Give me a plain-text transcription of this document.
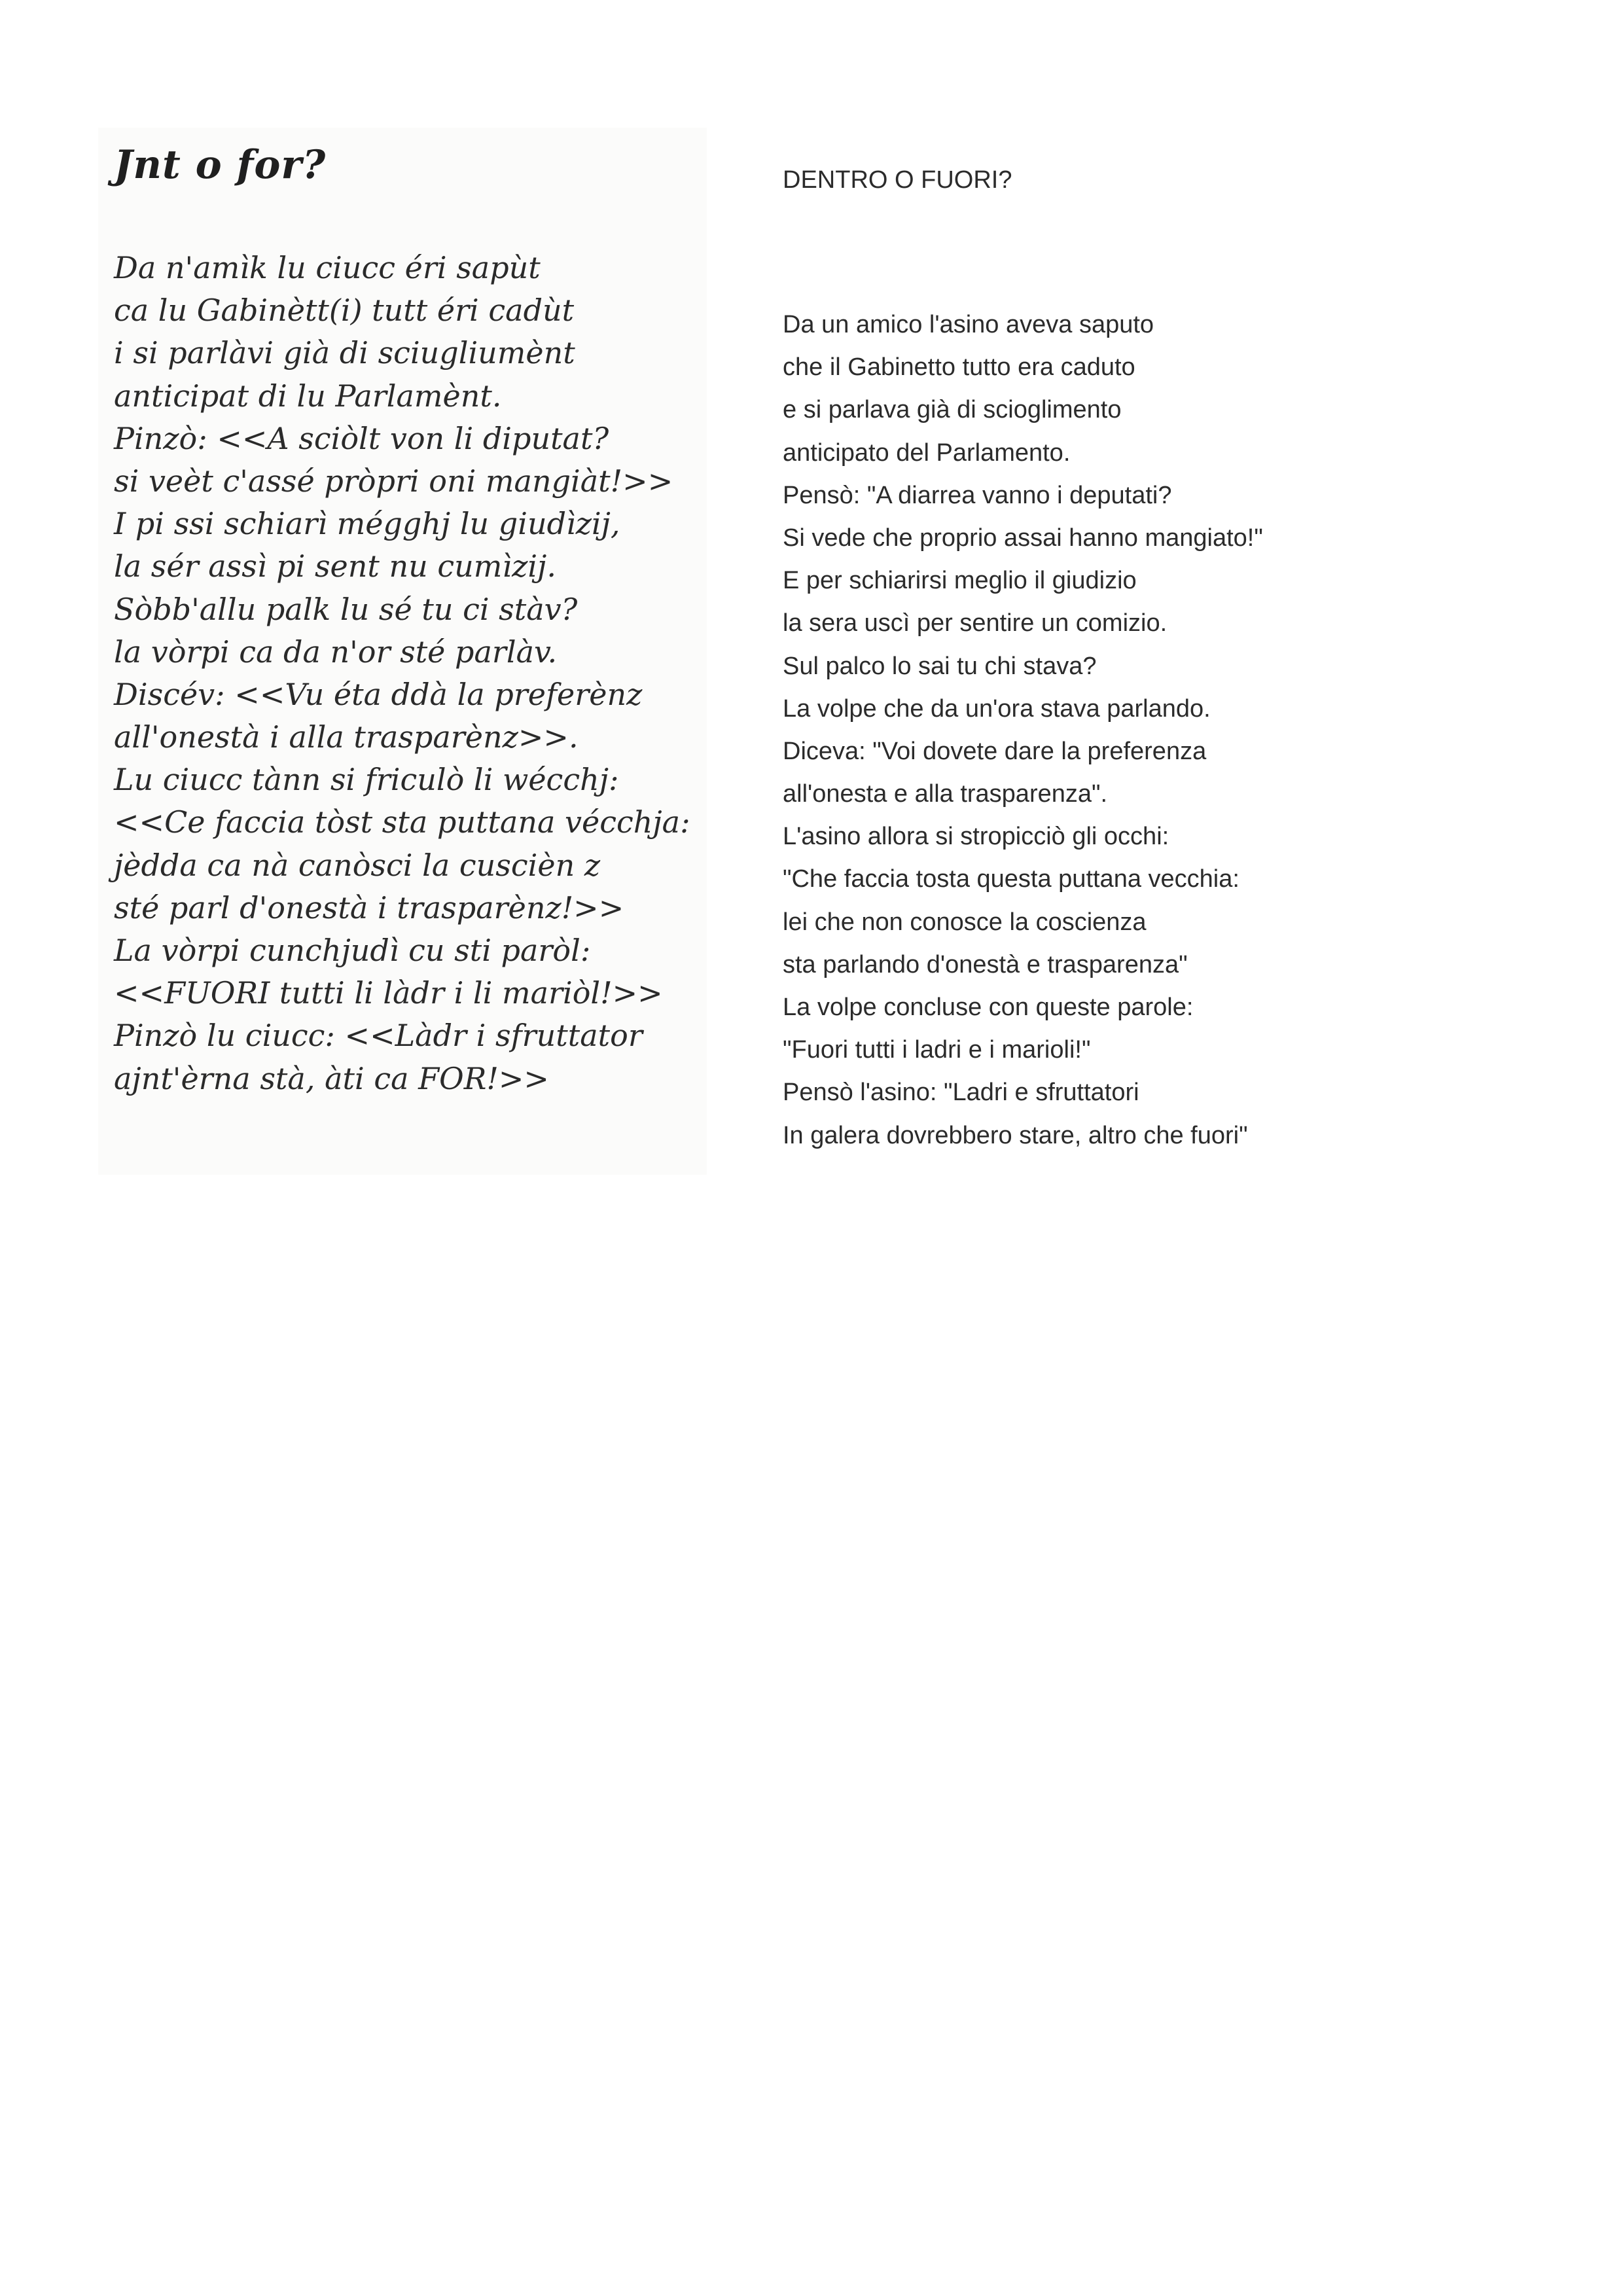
Jnt o for?
Da n'amìk lu ciucc éri sapùt
ca lu Gabinètt(i) tutt éri cadùt
i si parlàvi già di sciugliumènt
anticipat di lu Parlamènt.
Pinzò: <<A sciòlt von li diputat?
si veèt c'assé pròpri oni mangiàt!>>
I pi ssi schiarì mégghj lu giudìzij,
la sér assì pi sent nu cumìzij.
Sòbb'allu palk lu sé tu ci stàv?
la vòrpi ca da n'or sté parlàv.
Discév: <<Vu éta ddà la preferènz
all'onestà i alla trasparènz>>.
Lu ciucc tànn si friculò li wécchj:
<<Ce faccia tòst sta puttana vécchja:
jèdda ca nà canòsci la cuscièn z
sté parl d'onestà i trasparènz!>>
La vòrpi cunchjudì cu sti paròl:
<<FUORI tutti li làdr i li mariòl!>>
Pinzò lu ciucc: <<Làdr i sfruttator
ajnt'èrna stà, àti ca FOR!>>
DENTRO O FUORI?
Da un amico l'asino aveva saputo
che il Gabinetto tutto era caduto
e si parlava già di scioglimento
anticipato del Parlamento.
Pensò: "A diarrea vanno i deputati?
Si vede che proprio assai hanno mangiato!"
E per schiarirsi meglio il giudizio
la sera uscì per sentire un comizio.
Sul palco lo sai tu chi stava?
La volpe che da un'ora stava parlando.
Diceva: "Voi dovete dare la preferenza
all'onesta e alla trasparenza".
L'asino allora si stropicciò gli occhi:
"Che faccia tosta questa puttana vecchia:
lei che non conosce la coscienza
sta parlando d'onestà e trasparenza"
La volpe concluse con queste parole:
"Fuori tutti i ladri e i marioli!"
Pensò l'asino: "Ladri e sfruttatori
In galera dovrebbero stare, altro che fuori"
